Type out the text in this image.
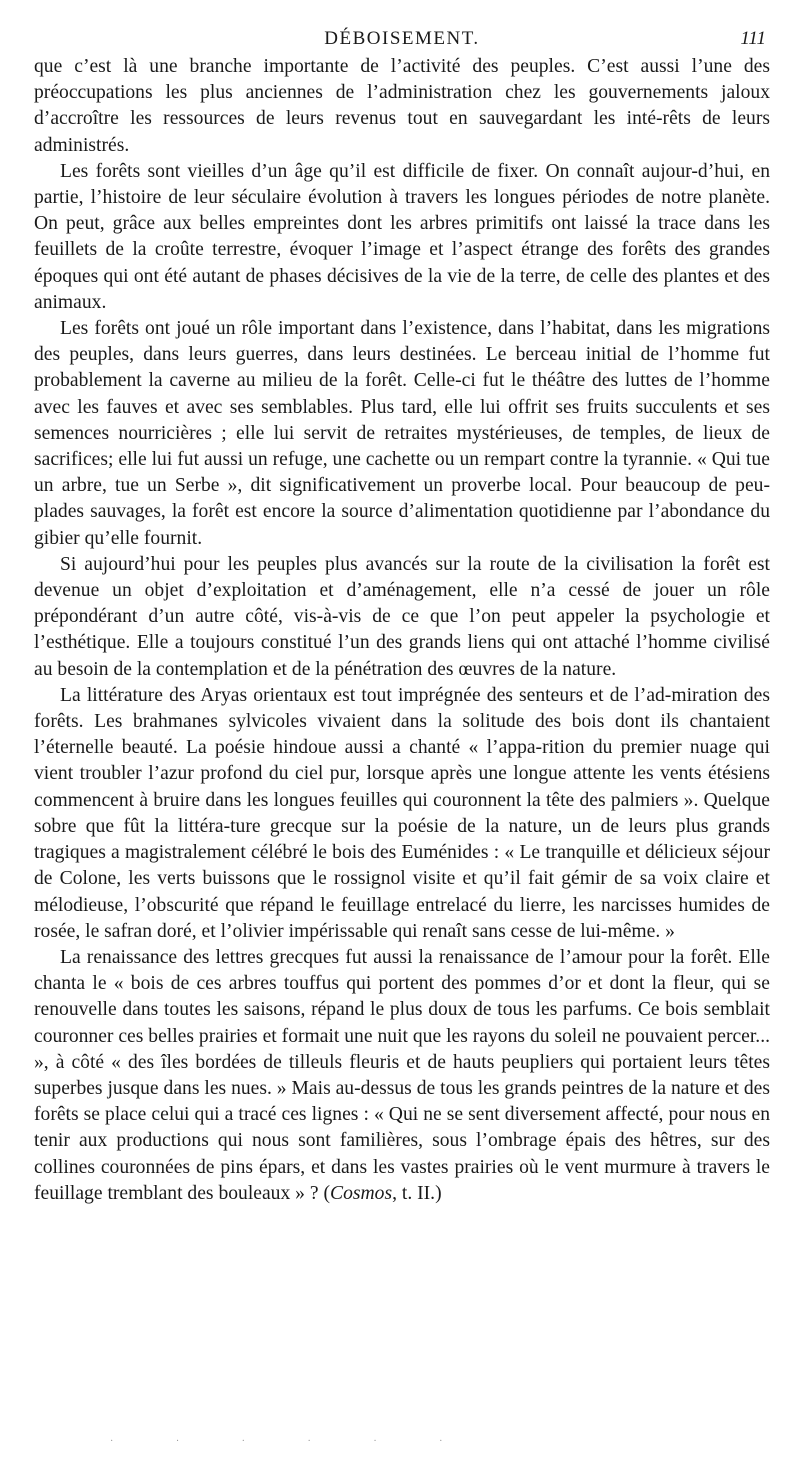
DÉBOISEMENT.	111

que c’est là une branche importante de l’activité des peuples. C’est aussi l’une des préoccupations les plus anciennes de l’administration chez les gouvernements jaloux d’accroître les ressources de leurs revenus tout en sauvegardant les inté-rêts de leurs administrés.

Les forêts sont vieilles d’un âge qu’il est difficile de fixer. On connaît aujour-d’hui, en partie, l’histoire de leur séculaire évolution à travers les longues périodes de notre planète. On peut, grâce aux belles empreintes dont les arbres primitifs ont laissé la trace dans les feuillets de la croûte terrestre, évoquer l’image et l’aspect étrange des forêts des grandes époques qui ont été autant de phases décisives de la vie de la terre, de celle des plantes et des animaux.

Les forêts ont joué un rôle important dans l’existence, dans l’habitat, dans les migrations des peuples, dans leurs guerres, dans leurs destinées. Le berceau initial de l’homme fut probablement la caverne au milieu de la forêt. Celle-ci fut le théâtre des luttes de l’homme avec les fauves et avec ses semblables. Plus tard, elle lui offrit ses fruits succulents et ses semences nourricières ; elle lui servit de retraites mystérieuses, de temples, de lieux de sacrifices; elle lui fut aussi un refuge, une cachette ou un rempart contre la tyrannie. « Qui tue un arbre, tue un Serbe », dit significativement un proverbe local. Pour beaucoup de peu-plades sauvages, la forêt est encore la source d’alimentation quotidienne par l’abondance du gibier qu’elle fournit.

Si aujourd’hui pour les peuples plus avancés sur la route de la civilisation la forêt est devenue un objet d’exploitation et d’aménagement, elle n’a cessé de jouer un rôle prépondérant d’un autre côté, vis-à-vis de ce que l’on peut appeler la psychologie et l’esthétique. Elle a toujours constitué l’un des grands liens qui ont attaché l’homme civilisé au besoin de la contemplation et de la pénétration des œuvres de la nature.

La littérature des Aryas orientaux est tout imprégnée des senteurs et de l’ad-miration des forêts. Les brahmanes sylvicoles vivaient dans la solitude des bois dont ils chantaient l’éternelle beauté. La poésie hindoue aussi a chanté « l’appa-rition du premier nuage qui vient troubler l’azur profond du ciel pur, lorsque après une longue attente les vents étésiens commencent à bruire dans les longues feuilles qui couronnent la tête des palmiers ». Quelque sobre que fût la littéra-ture grecque sur la poésie de la nature, un de leurs plus grands tragiques a magistralement célébré le bois des Euménides : « Le tranquille et délicieux séjour de Colone, les verts buissons que le rossignol visite et qu’il fait gémir de sa voix claire et mélodieuse, l’obscurité que répand le feuillage entrelacé du lierre, les narcisses humides de rosée, le safran doré, et l’olivier impérissable qui renaît sans cesse de lui-même. »

La renaissance des lettres grecques fut aussi la renaissance de l’amour pour la forêt. Elle chanta le « bois de ces arbres touffus qui portent des pommes d’or et dont la fleur, qui se renouvelle dans toutes les saisons, répand le plus doux de tous les parfums. Ce bois semblait couronner ces belles prairies et formait une nuit que les rayons du soleil ne pouvaient percer... », à côté « des îles bordées de tilleuls fleuris et de hauts peupliers qui portaient leurs têtes superbes jusque dans les nues. » Mais au-dessus de tous les grands peintres de la nature et des forêts se place celui qui a tracé ces lignes : « Qui ne se sent diversement affecté, pour nous en tenir aux productions qui nous sont familières, sous l’ombrage épais des hêtres, sur des collines couronnées de pins épars, et dans les vastes prairies où le vent murmure à travers le feuillage tremblant des bouleaux » ? (Cosmos, t. II.)

· · · · · ·
